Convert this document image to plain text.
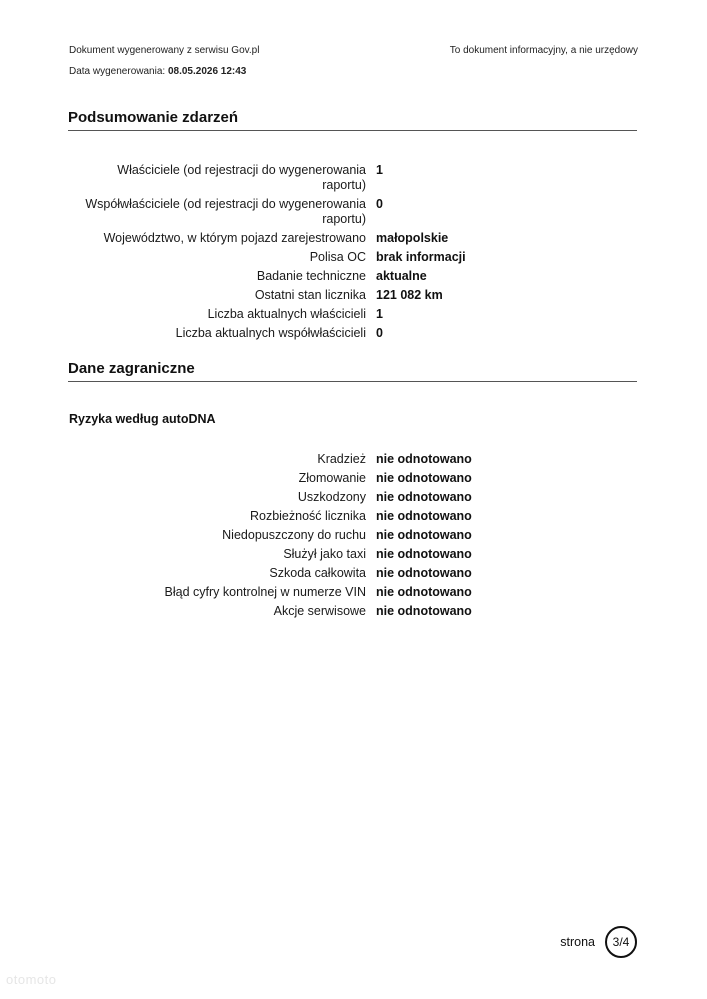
Dokument wygenerowany z serwisu Gov.pl
Data wygenerowania: 08.05.2026 12:43
To dokument informacyjny, a nie urzędowy
Podsumowanie zdarzeń
Właściciele (od rejestracji do wygenerowania raportu)
1
Współwłaściciele (od rejestracji do wygenerowania raportu)
0
Województwo, w którym pojazd zarejestrowano małopolskie
Polisa OC brak informacji
Badanie techniczne aktualne
Ostatni stan licznika 121 082 km
Liczba aktualnych właścicieli 1
Liczba aktualnych współwłaścicieli 0
Dane zagraniczne
Ryzyka według autoDNA
Kradzież nie odnotowano
Złomowanie nie odnotowano
Uszkodzony nie odnotowano
Rozbieżność licznika nie odnotowano
Niedopuszczony do ruchu nie odnotowano
Służył jako taxi nie odnotowano
Szkoda całkowita nie odnotowano
Błąd cyfry kontrolnej w numerze VIN nie odnotowano
Akcje serwisowe nie odnotowano
strona	3/4
otomoto
